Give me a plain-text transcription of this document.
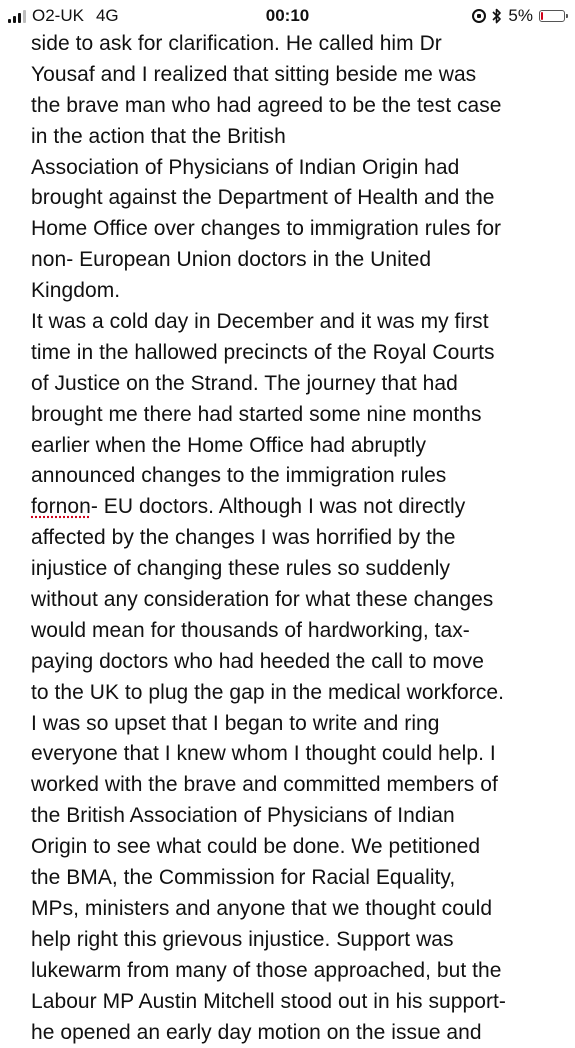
O2-UK 4G	00:10	5%
side to ask for clarification. He called him Dr
Yousaf and I realized that sitting beside me was
the brave man who had agreed to be the test case
in the action that the British
Association of Physicians of Indian Origin had
brought against the Department of Health and the
Home Office over changes to immigration rules for
non- European Union doctors in the United
Kingdom.
It was a cold day in December and it was my first
time in the hallowed precincts of the Royal Courts
of Justice on the Strand. The journey that had
brought me there had started some nine months
earlier when the Home Office had abruptly
announced changes to the immigration rules
fornon- EU doctors. Although I was not directly
affected by the changes I was horrified by the
injustice of changing these rules so suddenly
without any consideration for what these changes
would mean for thousands of hardworking, tax-
paying doctors who had heeded the call to move
to the UK to plug the gap in the medical workforce.
I was so upset that I began to write and ring
everyone that I knew whom I thought could help. I
worked with the brave and committed members of
the British Association of Physicians of Indian
Origin to see what could be done. We petitioned
the BMA, the Commission for Racial Equality,
MPs, ministers and anyone that we thought could
help right this grievous injustice. Support was
lukewarm from many of those approached, but the
Labour MP Austin Mitchell stood out in his support-
he opened an early day motion on the issue and
